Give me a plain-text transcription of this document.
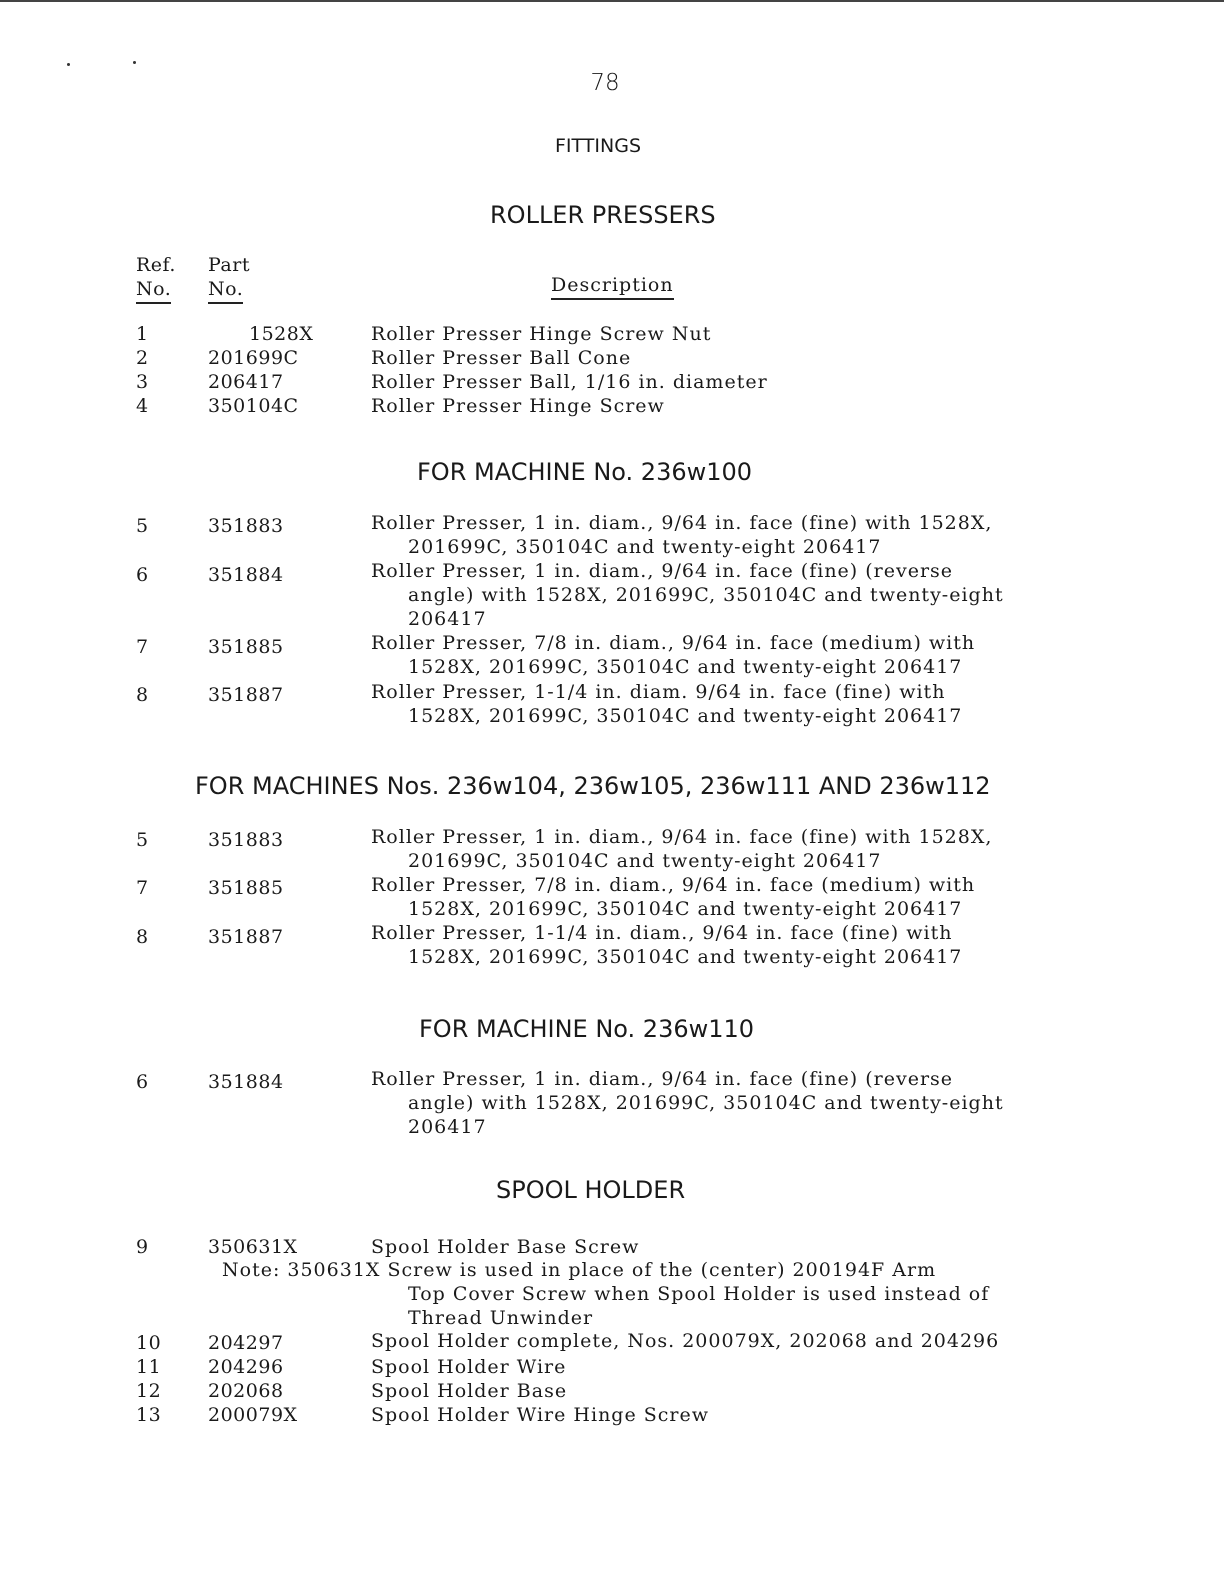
78
FITTINGS
ROLLER PRESSERS
Ref.
No.
Part
No.	Description
1	1528X	Roller Presser Hinge Screw Nut
2	201699C	Roller Presser Ball Cone
3	206417	Roller Presser Ball, 1/16 in. diameter
4	350104C	Roller Presser Hinge Screw
FOR MACHINE No. 236w100
5	351883	Roller Presser, 1 in. diam., 9/64 in. face (fine) with 1528X,
201699C, 350104C and twenty-eight 206417
6	351884	Roller Presser, 1 in. diam., 9/64 in. face (fine) (reverse
angle) with 1528X, 201699C, 350104C and twenty-eight
206417
7	351885	Roller Presser, 7/8 in. diam., 9/64 in. face (medium) with
1528X, 201699C, 350104C and twenty-eight 206417
8	351887	Roller Presser, 1-1/4 in. diam. 9/64 in. face (fine) with
1528X, 201699C, 350104C and twenty-eight 206417
FOR MACHINES Nos. 236w104, 236w105, 236w111 AND 236w112
5	351883	Roller Presser, 1 in. diam., 9/64 in. face (fine) with 1528X,
201699C, 350104C and twenty-eight 206417
7	351885	Roller Presser, 7/8 in. diam., 9/64 in. face (medium) with
1528X, 201699C, 350104C and twenty-eight 206417
8	351887	Roller Presser, 1-1/4 in. diam., 9/64 in. face (fine) with
1528X, 201699C, 350104C and twenty-eight 206417
FOR MACHINE No. 236w110
6	351884	Roller Presser, 1 in. diam., 9/64 in. face (fine) (reverse
angle) with 1528X, 201699C, 350104C and twenty-eight
206417
SPOOL HOLDER
9	350631X	Spool Holder Base Screw
Note: 350631X Screw is used in place of the (center) 200194F Arm
Top Cover Screw when Spool Holder is used instead of
Thread Unwinder
10 204297	Spool Holder complete, Nos. 200079X, 202068 and 204296
11 204296	Spool Holder Wire
12 202068	Spool Holder Base
13 200079X	Spool Holder Wire Hinge Screw
